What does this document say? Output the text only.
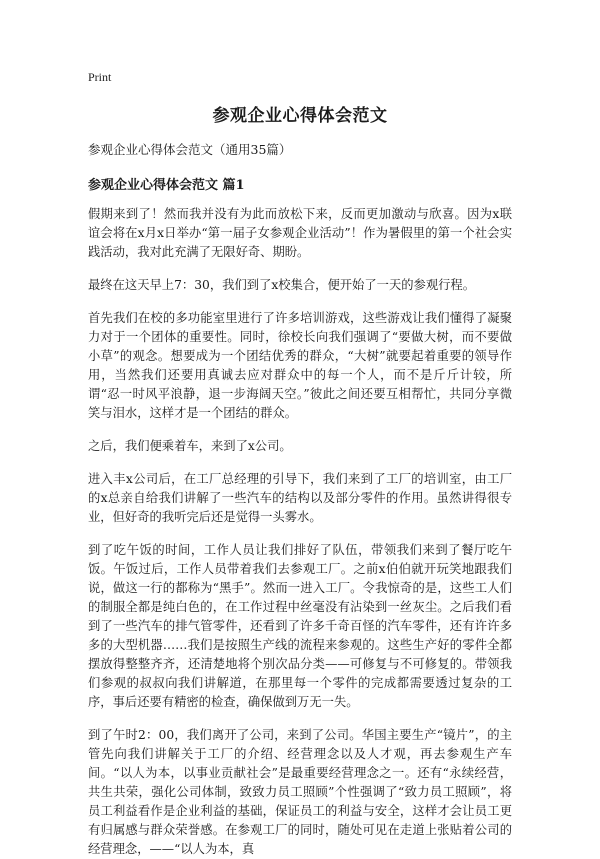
Print
参观企业心得体会范文

参观企业心得体会范文（通用35篇）

参观企业心得体会范文 篇1

假期来到了！然而我并没有为此而放松下来，反而更加激动与欣喜。因为x联谊会将在x月x日举办“第一届子女参观企业活动”！作为暑假里的第一个社会实践活动，我对此充满了无限好奇、期盼。

最终在这天早上7：30，我们到了x校集合，便开始了一天的参观行程。

首先我们在校的多功能室里进行了许多培训游戏，这些游戏让我们懂得了凝聚力对于一个团体的重要性。同时，徐校长向我们强调了“要做大树，而不要做小草”的观念。想要成为一个团结优秀的群众，“大树”就要起着重要的领导作用，当然我们还要用真诚去应对群众中的每一个人，而不是斤斤计较，所谓“忍一时风平浪静，退一步海阔天空。”彼此之间还要互相帮忙，共同分享微笑与泪水，这样才是一个团结的群众。

之后，我们便乘着车，来到了x公司。

进入丰x公司后，在工厂总经理的引导下，我们来到了工厂的培训室，由工厂的x总亲自给我们讲解了一些汽车的结构以及部分零件的作用。虽然讲得很专业，但好奇的我听完后还是觉得一头雾水。

到了吃午饭的时间，工作人员让我们排好了队伍，带领我们来到了餐厅吃午饭。午饭过后，工作人员带着我们去参观工厂。之前x伯伯就开玩笑地跟我们说，做这一行的都称为“黑手”。然而一进入工厂。令我惊奇的是，这些工人们的制服全都是纯白色的，在工作过程中丝毫没有沾染到一丝灰尘。之后我们看到了一些汽车的排气管零件，还看到了许多千奇百怪的汽车零件，还有许许多多的大型机器……我们是按照生产线的流程来参观的。这些生产好的零件全都摆放得整整齐齐，还清楚地将个别次品分类——可修复与不可修复的。带领我们参观的叔叔向我们讲解道，在那里每一个零件的完成都需要透过复杂的工序，事后还要有精密的检查，确保做到万无一失。

到了午时2：00，我们离开了公司，来到了公司。华国主要生产“镜片”，的主管先向我们讲解关于工厂的介绍、经营理念以及人才观，再去参观生产车间。“以人为本，以事业贡献社会”是最重要经营理念之一。还有“永续经营，共生共荣，强化公司体制，致致力员工照顾”个性强调了“致力员工照顾”，将员工利益看作是企业利益的基础，保证员工的利益与安全，这样才会让员工更有归属感与群众荣誉感。在参观工厂的同时，随处可见在走道上张贴着公司的经营理念，——“以人为本，真
